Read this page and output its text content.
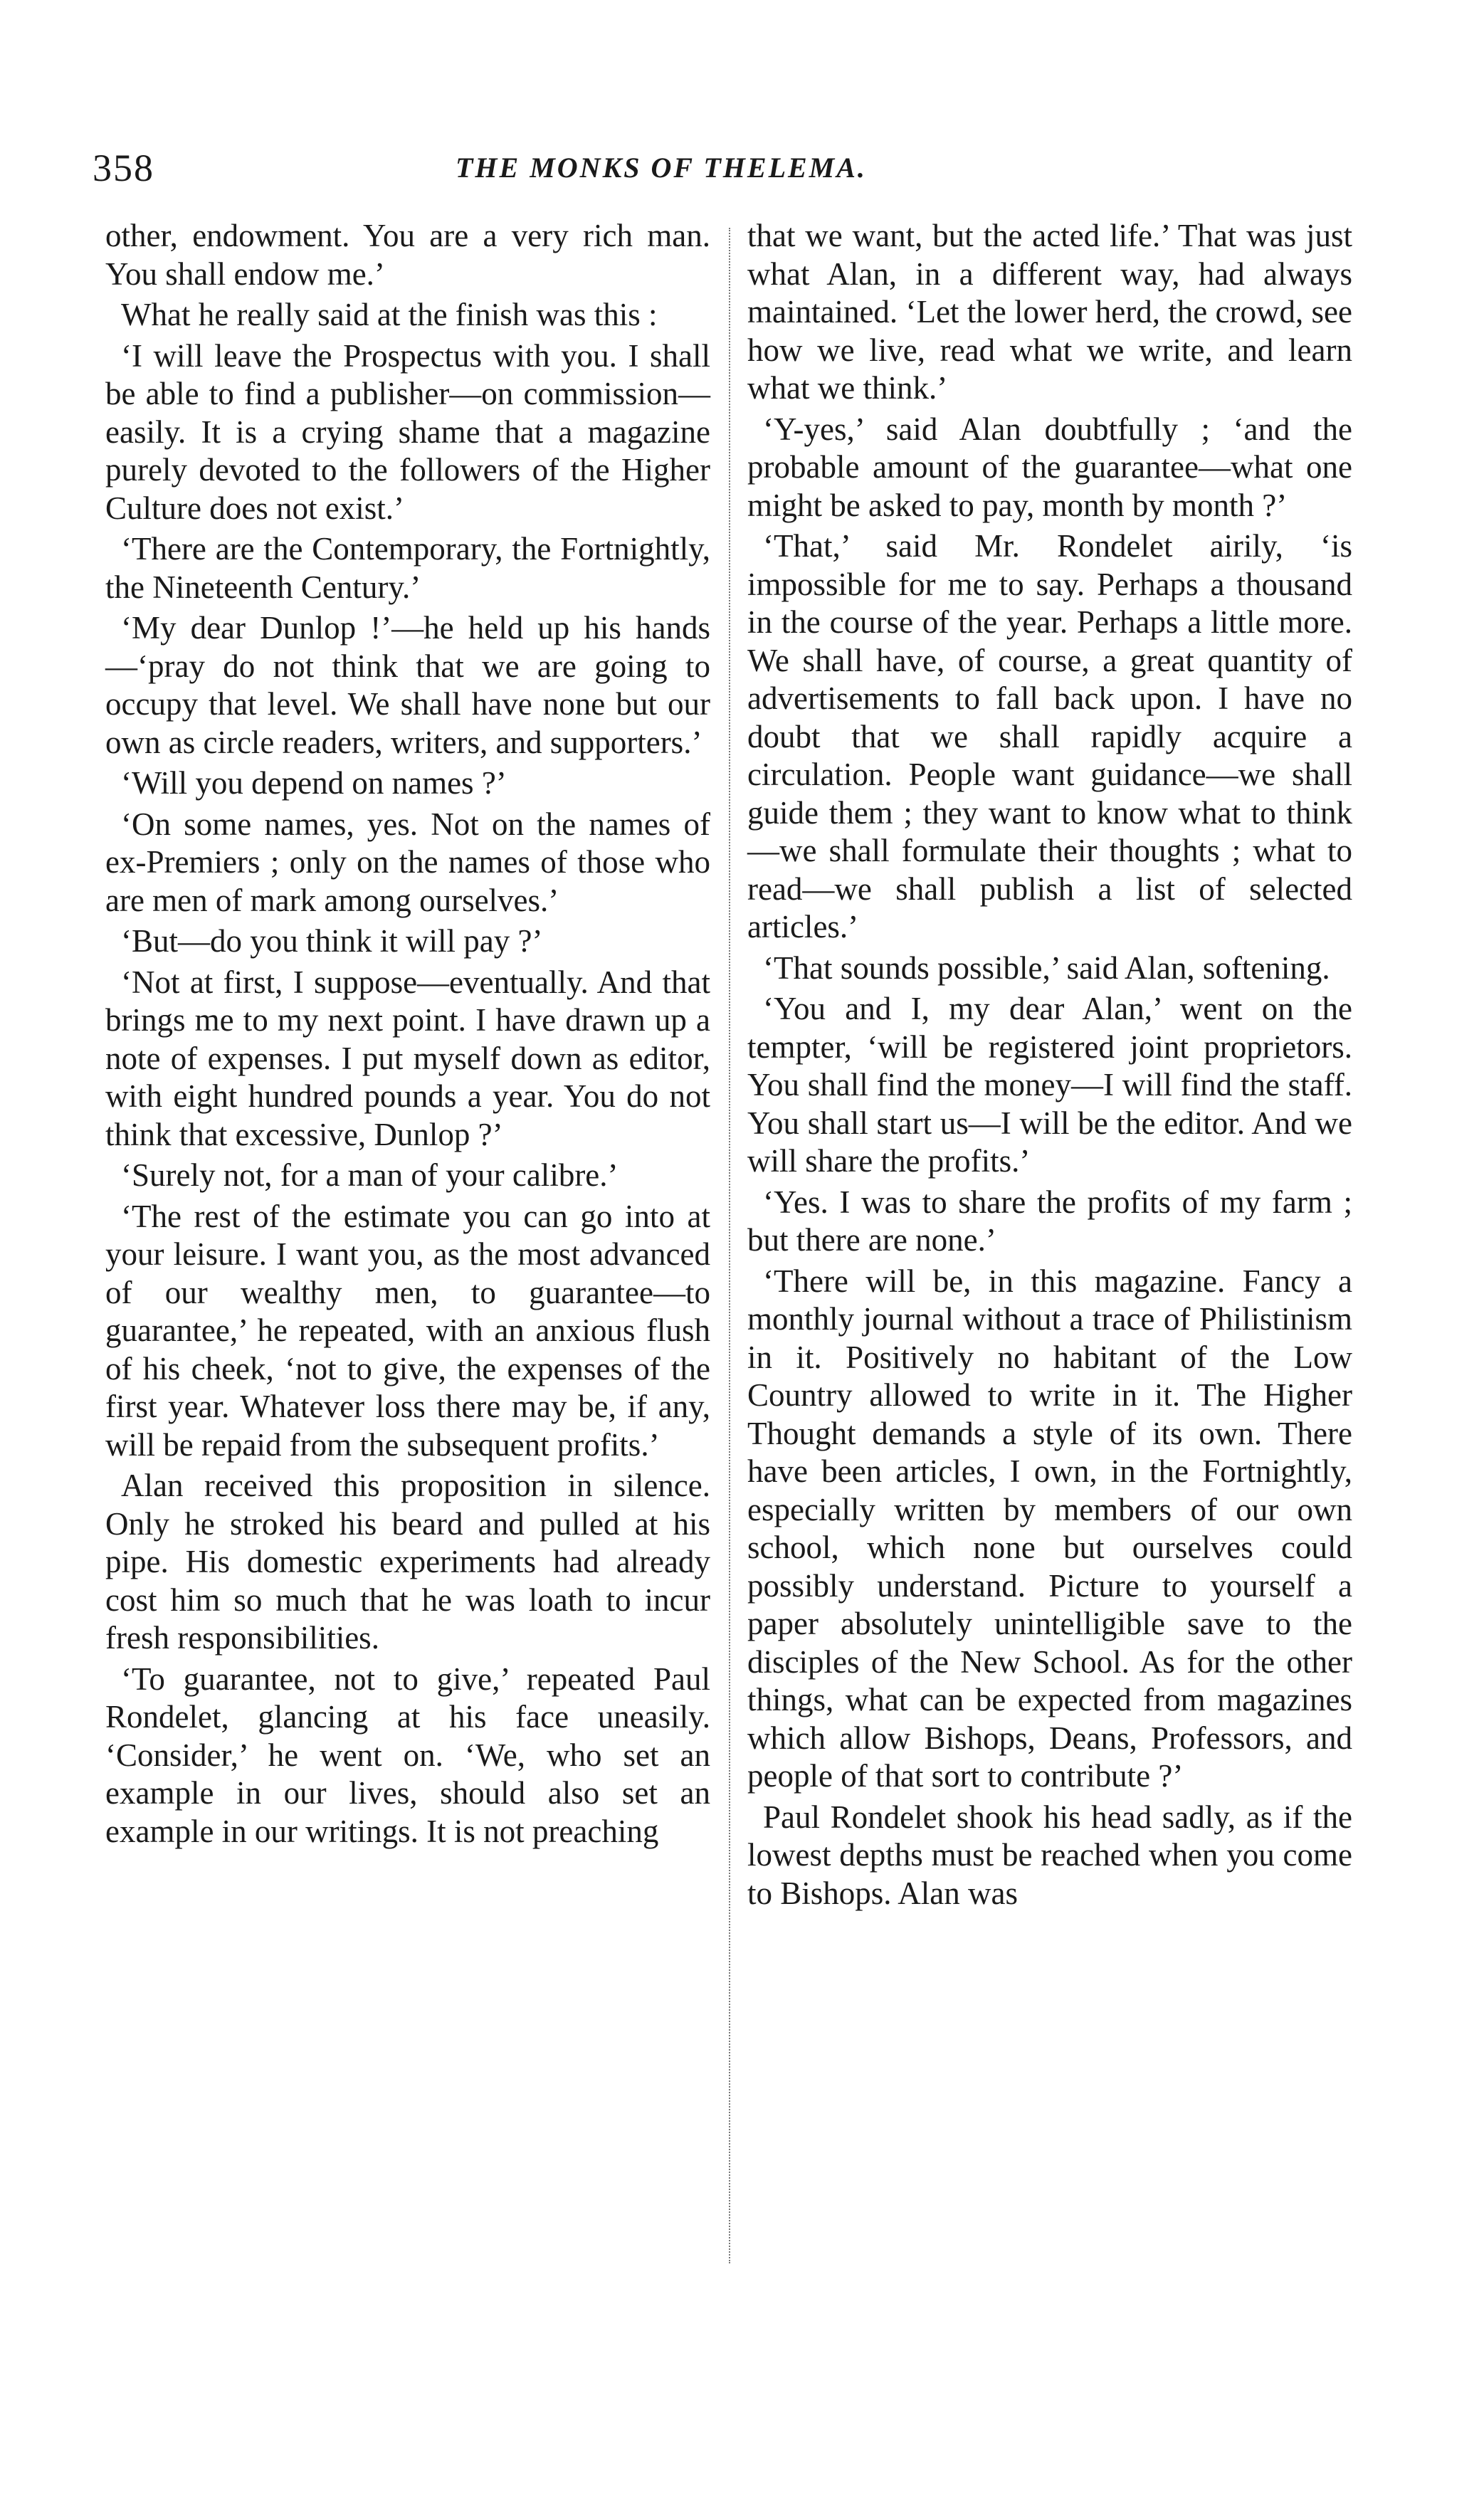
358	THE MONKS OF THELEMA.

other, endowment. You are a very rich man. You shall endow me.’

What he really said at the finish was this :

‘I will leave the Prospectus with you. I shall be able to find a publisher—on commission—easily. It is a crying shame that a magazine purely devoted to the followers of the Higher Culture does not exist.’

‘There are the Contemporary, the Fortnightly, the Nineteenth Century.’

‘My dear Dunlop !’—he held up his hands—‘pray do not think that we are going to occupy that level. We shall have none but our own as circle readers, writers, and supporters.’

‘Will you depend on names ?’

‘On some names, yes. Not on the names of ex-Premiers ; only on the names of those who are men of mark among ourselves.’

‘But—do you think it will pay ?’

‘Not at first, I suppose—eventually. And that brings me to my next point. I have drawn up a note of expenses. I put myself down as editor, with eight hundred pounds a year. You do not think that excessive, Dunlop ?’

‘Surely not, for a man of your calibre.’

‘The rest of the estimate you can go into at your leisure. I want you, as the most advanced of our wealthy men, to guarantee—to guarantee,’ he repeated, with an anxious flush of his cheek, ‘not to give, the expenses of the first year. Whatever loss there may be, if any, will be repaid from the subsequent profits.’

Alan received this proposition in silence. Only he stroked his beard and pulled at his pipe. His domestic experiments had already cost him so much that he was loath to incur fresh responsibilities.

‘To guarantee, not to give,’ repeated Paul Rondelet, glancing at his face uneasily. ‘Consider,’ he went on. ‘We, who set an example in our lives, should also set an example in our writings. It is not preaching

that we want, but the acted life.’ That was just what Alan, in a different way, had always maintained. ‘Let the lower herd, the crowd, see how we live, read what we write, and learn what we think.’

‘Y-yes,’ said Alan doubtfully ; ‘and the probable amount of the guarantee—what one might be asked to pay, month by month ?’

‘That,’ said Mr. Rondelet airily, ‘is impossible for me to say. Perhaps a thousand in the course of the year. Perhaps a little more. We shall have, of course, a great quantity of advertisements to fall back upon. I have no doubt that we shall rapidly acquire a circulation. People want guidance—we shall guide them ; they want to know what to think—we shall formulate their thoughts ; what to read—we shall publish a list of selected articles.’

‘That sounds possible,’ said Alan, softening.

‘You and I, my dear Alan,’ went on the tempter, ‘will be registered joint proprietors. You shall find the money—I will find the staff. You shall start us—I will be the editor. And we will share the profits.’

‘Yes. I was to share the profits of my farm ; but there are none.’

‘There will be, in this magazine. Fancy a monthly journal without a trace of Philistinism in it. Positively no habitant of the Low Country allowed to write in it. The Higher Thought demands a style of its own. There have been articles, I own, in the Fortnightly, especially written by members of our own school, which none but ourselves could possibly understand. Picture to yourself a paper absolutely unintelligible save to the disciples of the New School. As for the other things, what can be expected from magazines which allow Bishops, Deans, Professors, and people of that sort to contribute ?’

Paul Rondelet shook his head sadly, as if the lowest depths must be reached when you come to Bishops. Alan was
